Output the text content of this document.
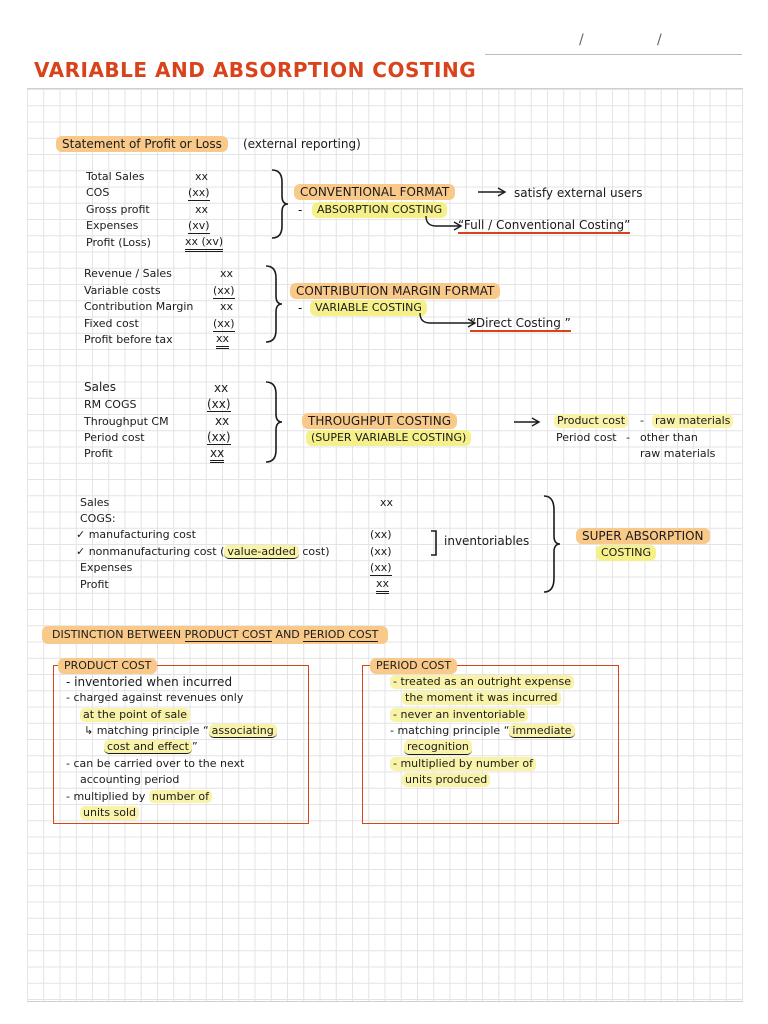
/	/
VARIABLE AND ABSORPTION COSTING
Statement of Profit or Loss	(external reporting)
Total Sales	xx
COS	(xx)
Gross profit	xx
Expenses	(xv)
Profit (Loss)	xx (xv)
CONVENTIONAL FORMAT	satisfy external users
-	ABSORPTION COSTING
“Full / Conventional Costing”
Revenue / Sales	xx
Variable costs	(xx)
Contribution Margin xx
Fixed cost	(xx)
Profit before tax	xx
CONTRIBUTION MARGIN FORMAT
-	VARIABLE COSTING
“Direct Costing ”
Sales	xx
RM COGS	(xx)
Throughput CM	xx
Period cost	(xx)
Profit	xx
THROUGHPUT COSTING
(SUPER VARIABLE COSTING)
Product cost - raw materials
Period cost - other than
raw materials
Sales	xx
COGS:
✓ manufacturing cost	(xx)
✓ nonmanufacturing cost ( value-added cost)	(xx)
Expenses	(xx)
Profit	xx
inventoriables	SUPER ABSORPTION
COSTING
DISTINCTION BETWEEN PRODUCT COST AND PERIOD COST
PRODUCT COST
- inventoried when incurred
- charged against revenues only
at the point of sale
↳ matching principle “ associating
cost and effect ”
- can be carried over to the next
accounting period
- multiplied by number of
units sold
PERIOD COST
- treated as an outright expense
the moment it was incurred
- never an inventoriable
- matching principle “ immediate
recognition
- multiplied by number of
units produced
